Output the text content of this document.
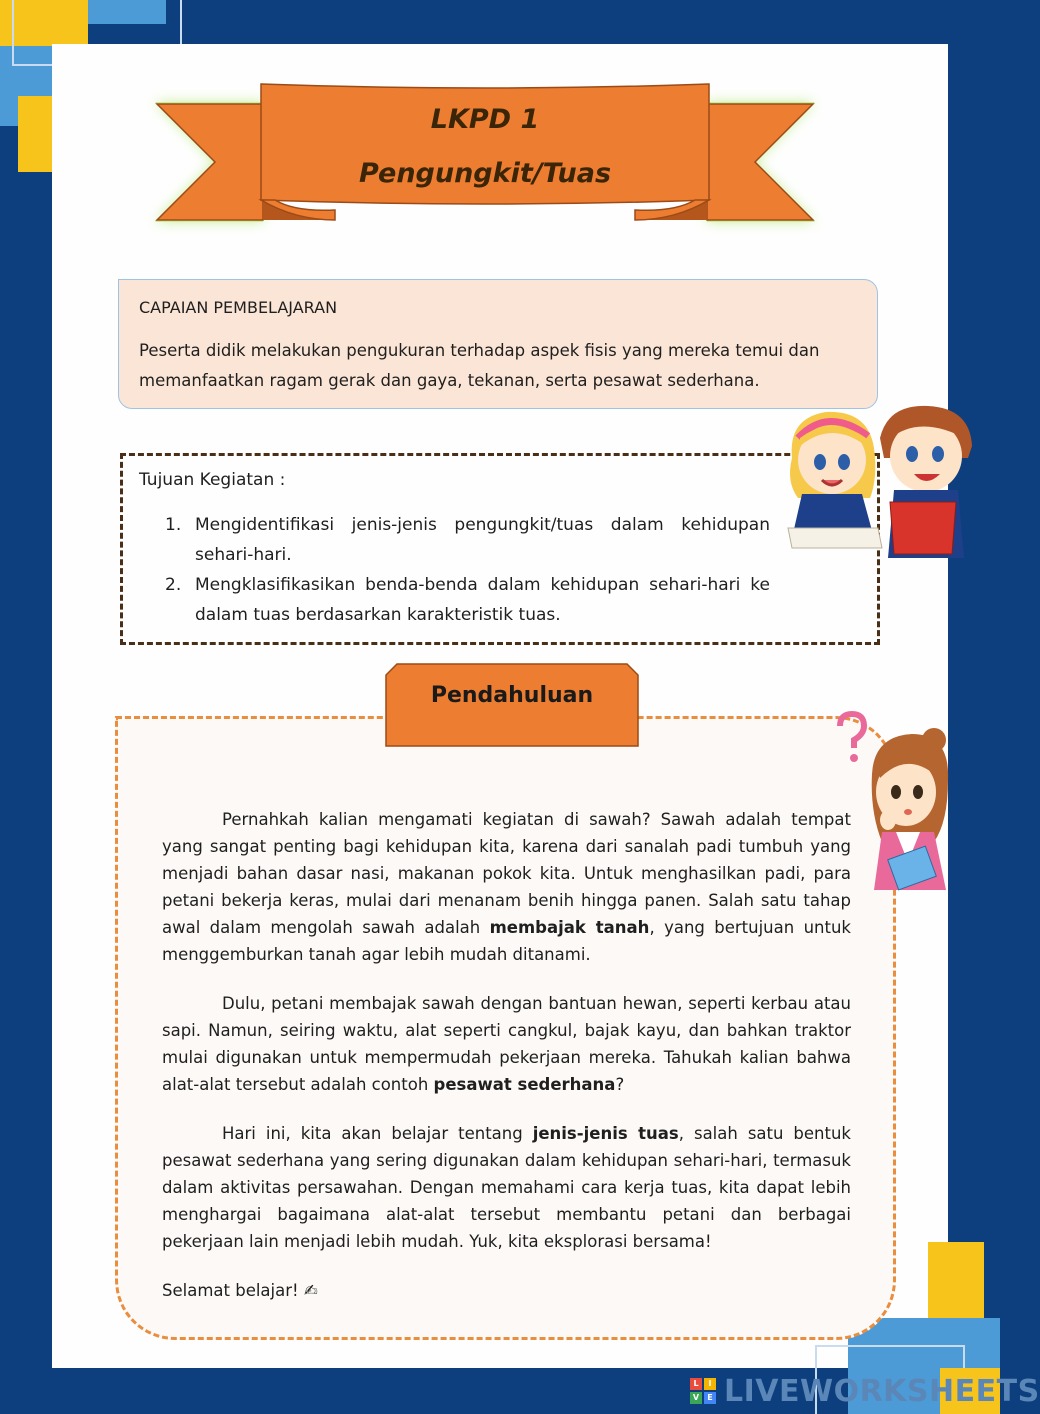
LKPD 1
Pengungkit/Tuas
CAPAIAN PEMBELAJARAN
Peserta didik melakukan pengukuran terhadap aspek fisis yang mereka temui dan memanfaatkan ragam gerak dan gaya, tekanan, serta pesawat sederhana.
Tujuan Kegiatan :
1. Mengidentifikasi jenis-jenis pengungkit/tuas dalam kehidupan sehari-hari.
2. Mengklasifikasikan benda-benda dalam kehidupan sehari-hari ke dalam tuas berdasarkan karakteristik tuas.
Pendahuluan

Pernahkah kalian mengamati kegiatan di sawah? Sawah adalah tempat yang sangat penting bagi kehidupan kita, karena dari sanalah padi tumbuh yang menjadi bahan dasar nasi, makanan pokok kita. Untuk menghasilkan padi, para petani bekerja keras, mulai dari menanam benih hingga panen. Salah satu tahap awal dalam mengolah sawah adalah membajak tanah, yang bertujuan untuk menggemburkan tanah agar lebih mudah ditanami.

Dulu, petani membajak sawah dengan bantuan hewan, seperti kerbau atau sapi. Namun, seiring waktu, alat seperti cangkul, bajak kayu, dan bahkan traktor mulai digunakan untuk mempermudah pekerjaan mereka. Tahukah kalian bahwa alat-alat tersebut adalah contoh pesawat sederhana?

Hari ini, kita akan belajar tentang jenis-jenis tuas, salah satu bentuk pesawat sederhana yang sering digunakan dalam kehidupan sehari-hari, termasuk dalam aktivitas persawahan. Dengan memahami cara kerja tuas, kita dapat lebih menghargai bagaimana alat-alat tersebut membantu petani dan berbagai pekerjaan lain menjadi lebih mudah. Yuk, kita eksplorasi bersama!

Selamat belajar! ✍

L	I
V	E LIVEWORKSHEETS
